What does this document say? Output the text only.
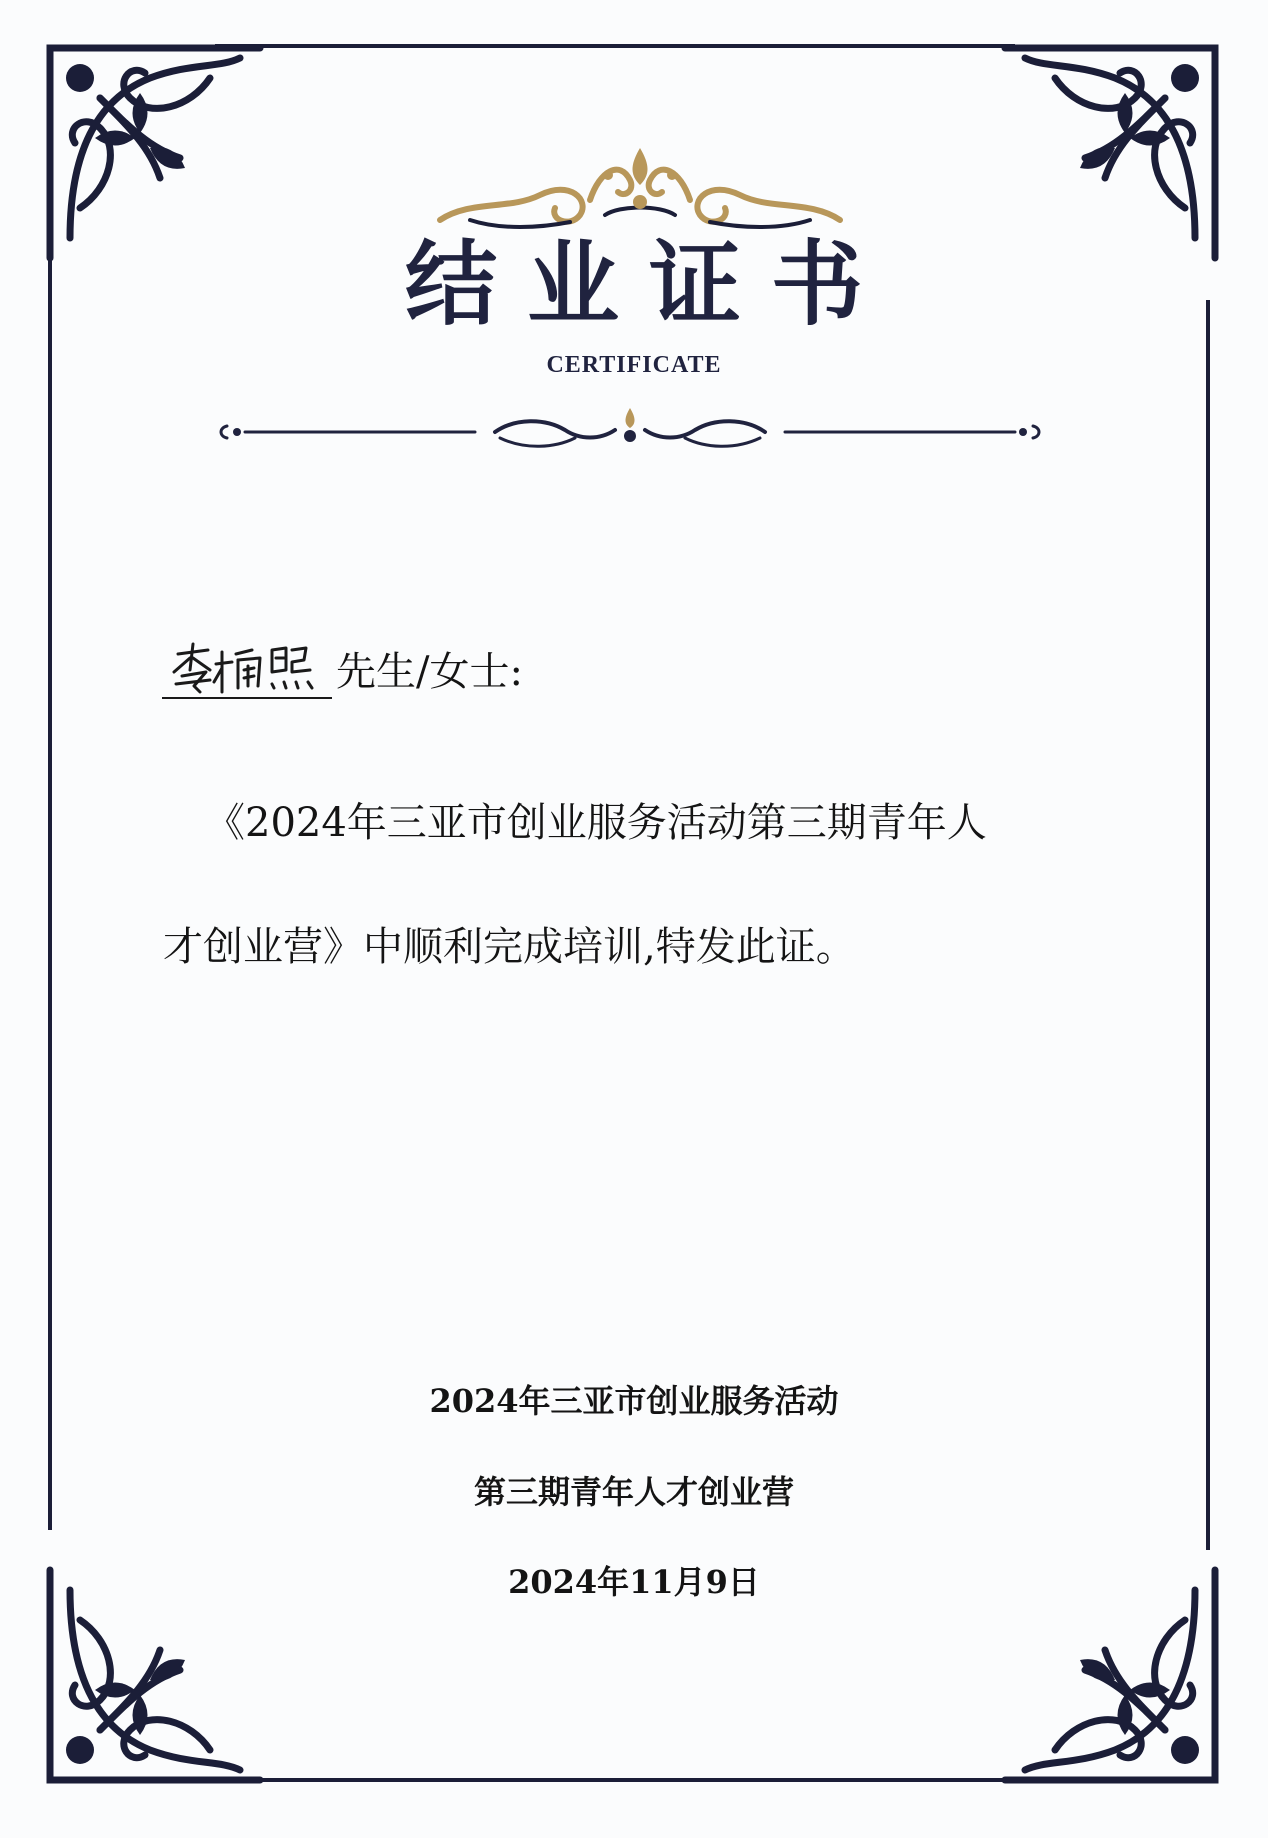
结业证书
CERTIFICATE
先生/女士:
《2024年三亚市创业服务活动第三期青年人
才创业营》中顺利完成培训,特发此证。
2024年三亚市创业服务活动
第三期青年人才创业营
2024年11月9日
